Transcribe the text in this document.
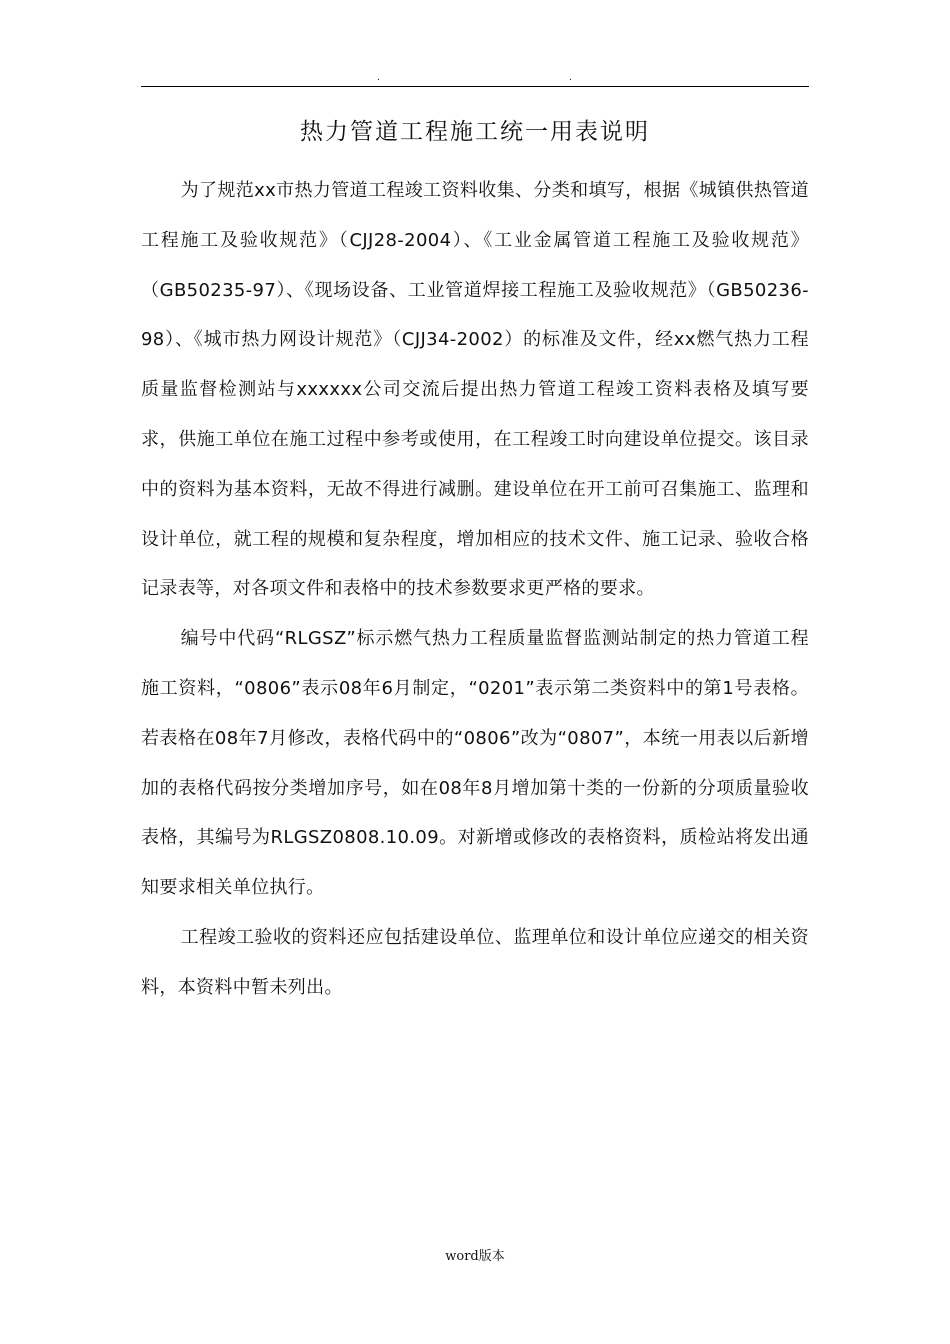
.	.
热力管道工程施工统一用表说明

为了规范xx市热力管道工程竣工资料收集、分类和填写，根据《城镇供热管道工程施工及验收规范》（CJJ28-2004）、《工业金属管道工程施工及验收规范》（GB50235-97）、《现场设备、工业管道焊接工程施工及验收规范》（GB50236-98）、《城市热力网设计规范》（CJJ34-2002）的标准及文件，经xx燃气热力工程质量监督检测站与xxxxxx公司交流后提出热力管道工程竣工资料表格及填写要求，供施工单位在施工过程中参考或使用，在工程竣工时向建设单位提交。该目录中的资料为基本资料，无故不得进行减删。建设单位在开工前可召集施工、监理和设计单位，就工程的规模和复杂程度，增加相应的技术文件、施工记录、验收合格记录表等，对各项文件和表格中的技术参数要求更严格的要求。

编号中代码“RLGSZ”标示燃气热力工程质量监督监测站制定的热力管道工程施工资料，“0806”表示08年6月制定，“0201”表示第二类资料中的第1号表格。若表格在08年7月修改，表格代码中的“0806”改为“0807”，本统一用表以后新增加的表格代码按分类增加序号，如在08年8月增加第十类的一份新的分项质量验收表格，其编号为RLGSZ0808.10.09。对新增或修改的表格资料，质检站将发出通知要求相关单位执行。

工程竣工验收的资料还应包括建设单位、监理单位和设计单位应递交的相关资料，本资料中暂未列出。

word版本
